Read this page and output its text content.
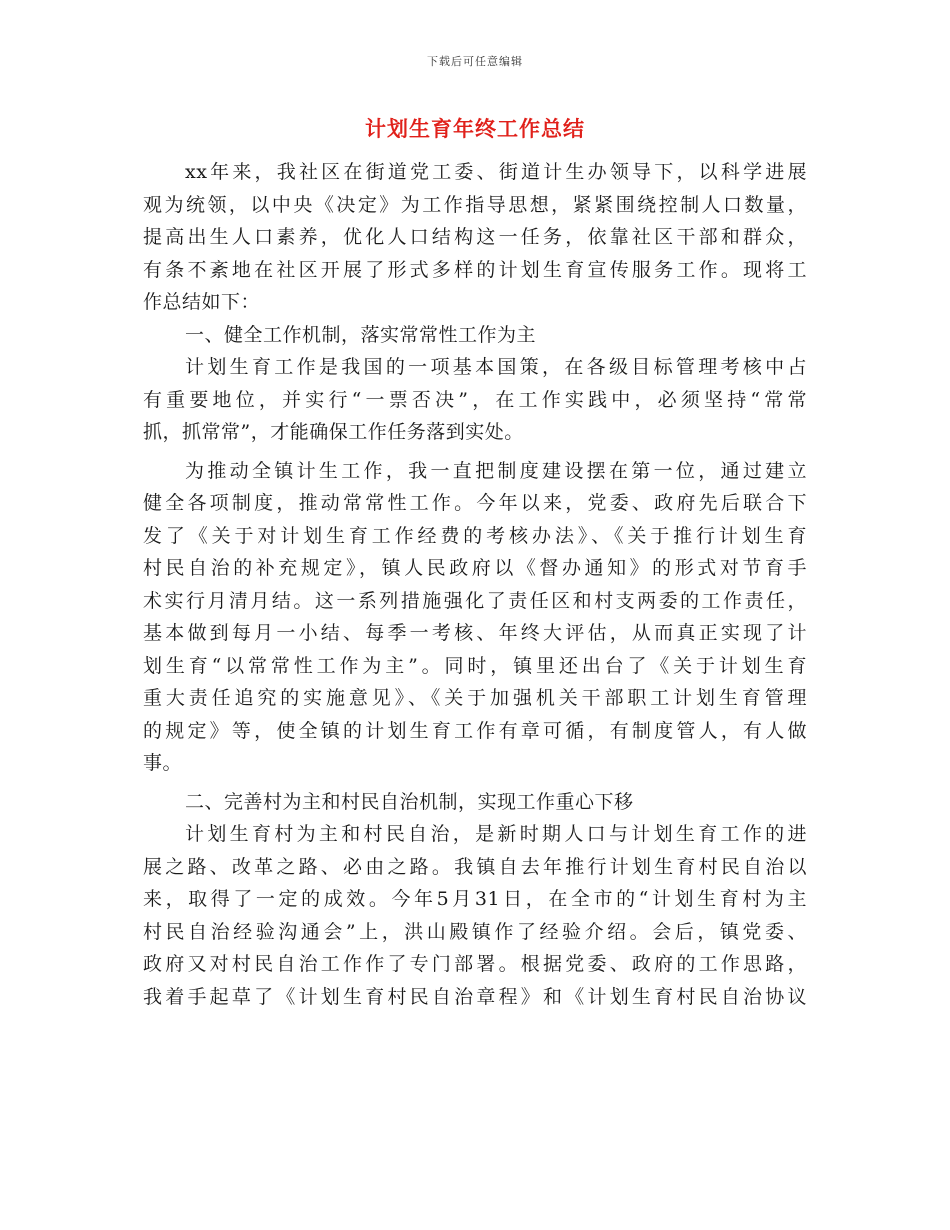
下载后可任意编辑
计划生育年终工作总结
xx年来，我社区在街道党工委、街道计生办领导下，以科学进展
观为统领，以中央《决定》为工作指导思想，紧紧围绕控制人口数量，
提高出生人口素养，优化人口结构这一任务，依靠社区干部和群众，
有条不紊地在社区开展了形式多样的计划生育宣传服务工作。现将工
作总结如下：
一、健全工作机制，落实常常性工作为主
计划生育工作是我国的一项基本国策，在各级目标管理考核中占
有重要地位，并实行“一票否决”，在工作实践中，必须坚持“常常
抓，抓常常”，才能确保工作任务落到实处。
为推动全镇计生工作，我一直把制度建设摆在第一位，通过建立
健全各项制度，推动常常性工作。今年以来，党委、政府先后联合下
发了《关于对计划生育工作经费的考核办法》、《关于推行计划生育
村民自治的补充规定》，镇人民政府以《督办通知》的形式对节育手
术实行月清月结。这一系列措施强化了责任区和村支两委的工作责任，
基本做到每月一小结、每季一考核、年终大评估，从而真正实现了计
划生育“以常常性工作为主”。同时，镇里还出台了《关于计划生育
重大责任追究的实施意见》、《关于加强机关干部职工计划生育管理
的规定》等，使全镇的计划生育工作有章可循，有制度管人，有人做
事。
二、完善村为主和村民自治机制，实现工作重心下移
计划生育村为主和村民自治，是新时期人口与计划生育工作的进
展之路、改革之路、必由之路。我镇自去年推行计划生育村民自治以
来，取得了一定的成效。今年5月31日，在全市的“计划生育村为主
村民自治经验沟通会”上，洪山殿镇作了经验介绍。会后，镇党委、
政府又对村民自治工作作了专门部署。根据党委、政府的工作思路，
我着手起草了《计划生育村民自治章程》和《计划生育村民自治协议
